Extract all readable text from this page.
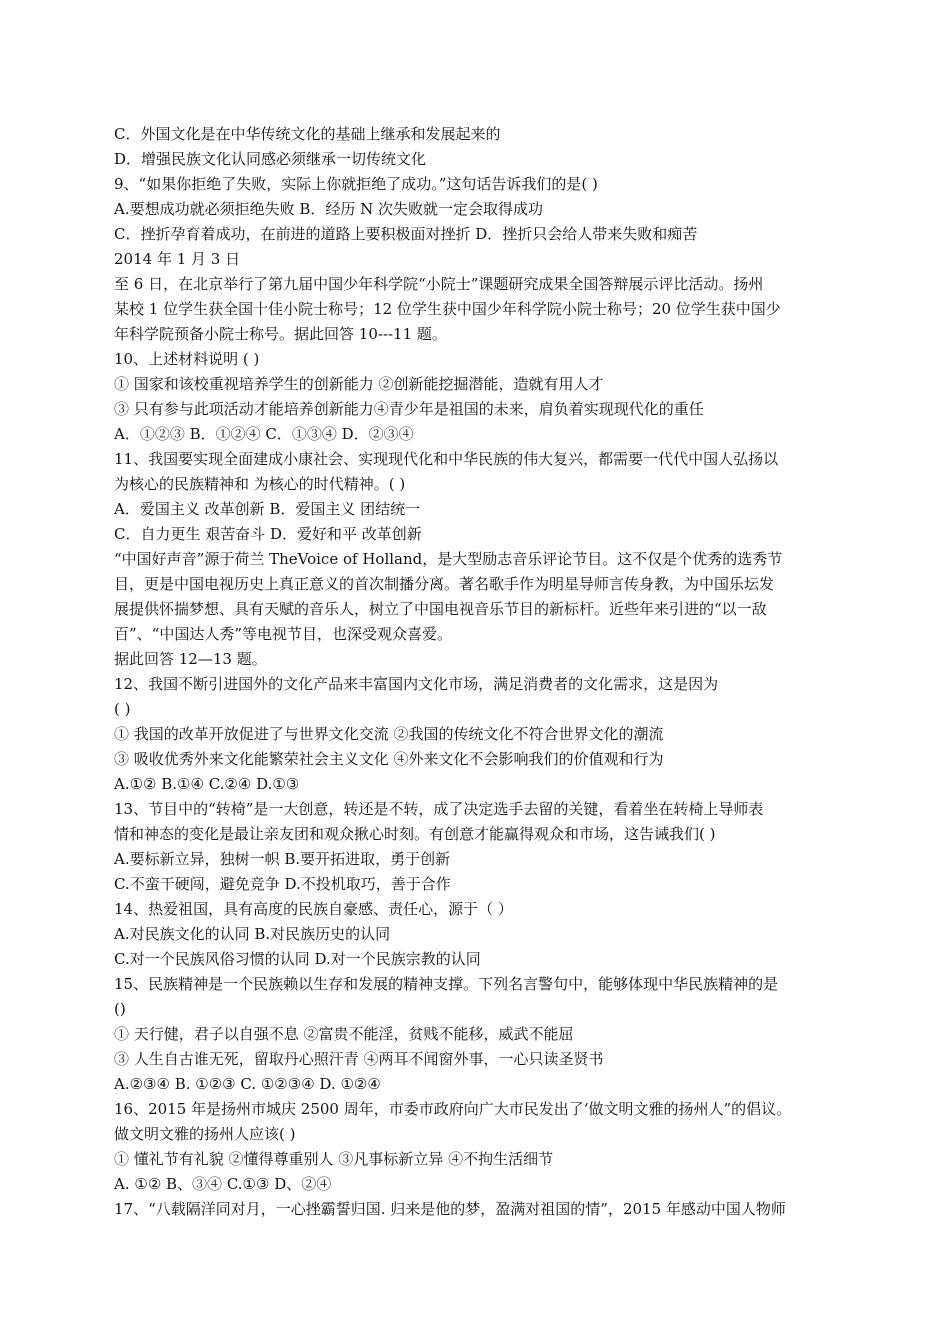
C．外国文化是在中华传统文化的基础上继承和发展起来的
D．增强民族文化认同感必须继承一切传统文化
9、“如果你拒绝了失败，实际上你就拒绝了成功。”这句话告诉我们的是( )
A.要想成功就必须拒绝失败 B．经历 N 次失败就一定会取得成功
C．挫折孕育着成功，在前进的道路上要积极面对挫折 D．挫折只会给人带来失败和痴苦
2014 年 1 月 3 日
至 6 日，在北京举行了第九届中国少年科学院“小院士”课题研究成果全国答辩展示评比活动。扬州
某校 1 位学生获全国十佳小院士称号；12 位学生获中国少年科学院小院士称号；20 位学生获中国少
年科学院预备小院士称号。据此回答 10---11 题。
10、上述材料说明 ( )
① 国家和该校重视培养学生的创新能力 ②创新能挖掘潜能，造就有用人才
③ 只有参与此项活动才能培养创新能力④青少年是祖国的未来，肩负着实现现代化的重任
A．①②③ B．①②④ C．①③④ D．②③④
11、我国要实现全面建成小康社会、实现现代化和中华民族的伟大复兴，都需要一代代中国人弘扬以
为核心的民族精神和 为核心的时代精神。( )
A．爱国主义 改革创新 B．爱国主义 团结统一
C．自力更生 艰苦奋斗 D．爱好和平 改革创新
“中国好声音”源于荷兰 TheVoice of Holland，是大型励志音乐评论节目。这不仅是个优秀的选秀节
目，更是中国电视历史上真正意义的首次制播分离。著名歌手作为明星导师言传身教，为中国乐坛发
展提供怀揣梦想、具有天赋的音乐人，树立了中国电视音乐节目的新标杆。近些年来引进的“以一敌
百”、“中国达人秀”等电视节目，也深受观众喜爱。
据此回答 12—13 题。
12、我国不断引进国外的文化产品来丰富国内文化市场，满足消费者的文化需求，这是因为
( )
① 我国的改革开放促进了与世界文化交流 ②我国的传统文化不符合世界文化的潮流
③ 吸收优秀外来文化能繁荣社会主义文化 ④外来文化不会影响我们的价值观和行为
A.①② B.①④ C.②④ D.①③
13、节目中的“转椅”是一大创意，转还是不转，成了决定选手去留的关键，看着坐在转椅上导师表
情和神态的变化是最让亲友团和观众揪心时刻。有创意才能赢得观众和市场，这告诫我们( )
A.要标新立异，独树一帜 B.要开拓进取，勇于创新
C.不蛮干硬闯，避免竞争 D.不投机取巧，善于合作
14、热爱祖国，具有高度的民族自豪感、责任心，源于（ ）
A.对民族文化的认同 B.对民族历史的认同
C.对一个民族风俗习惯的认同 D.对一个民族宗教的认同
15、民族精神是一个民族赖以生存和发展的精神支撑。下列名言警句中，能够体现中华民族精神的是
()
① 天行健，君子以自强不息 ②富贵不能淫，贫贱不能移，威武不能屈
③ 人生自古谁无死，留取丹心照汗青 ④两耳不闻窗外事，一心只读圣贤书
A.②③④ B. ①②③ C. ①②③④ D. ①②④
16、2015 年是扬州市城庆 2500 周年，市委市政府向广大市民发出了‘做文明文雅的扬州人”的倡议。
做文明文雅的扬州人应该( )
① 懂礼节有礼貌 ②懂得尊重别人 ③凡事标新立异 ④不拘生活细节
A. ①② B、③④ C.①③ D、②④
17、“八载隔洋同对月，一心挫霸誓归国. 归来是他的梦，盈满对祖国的情”，2015 年感动中国人物师
